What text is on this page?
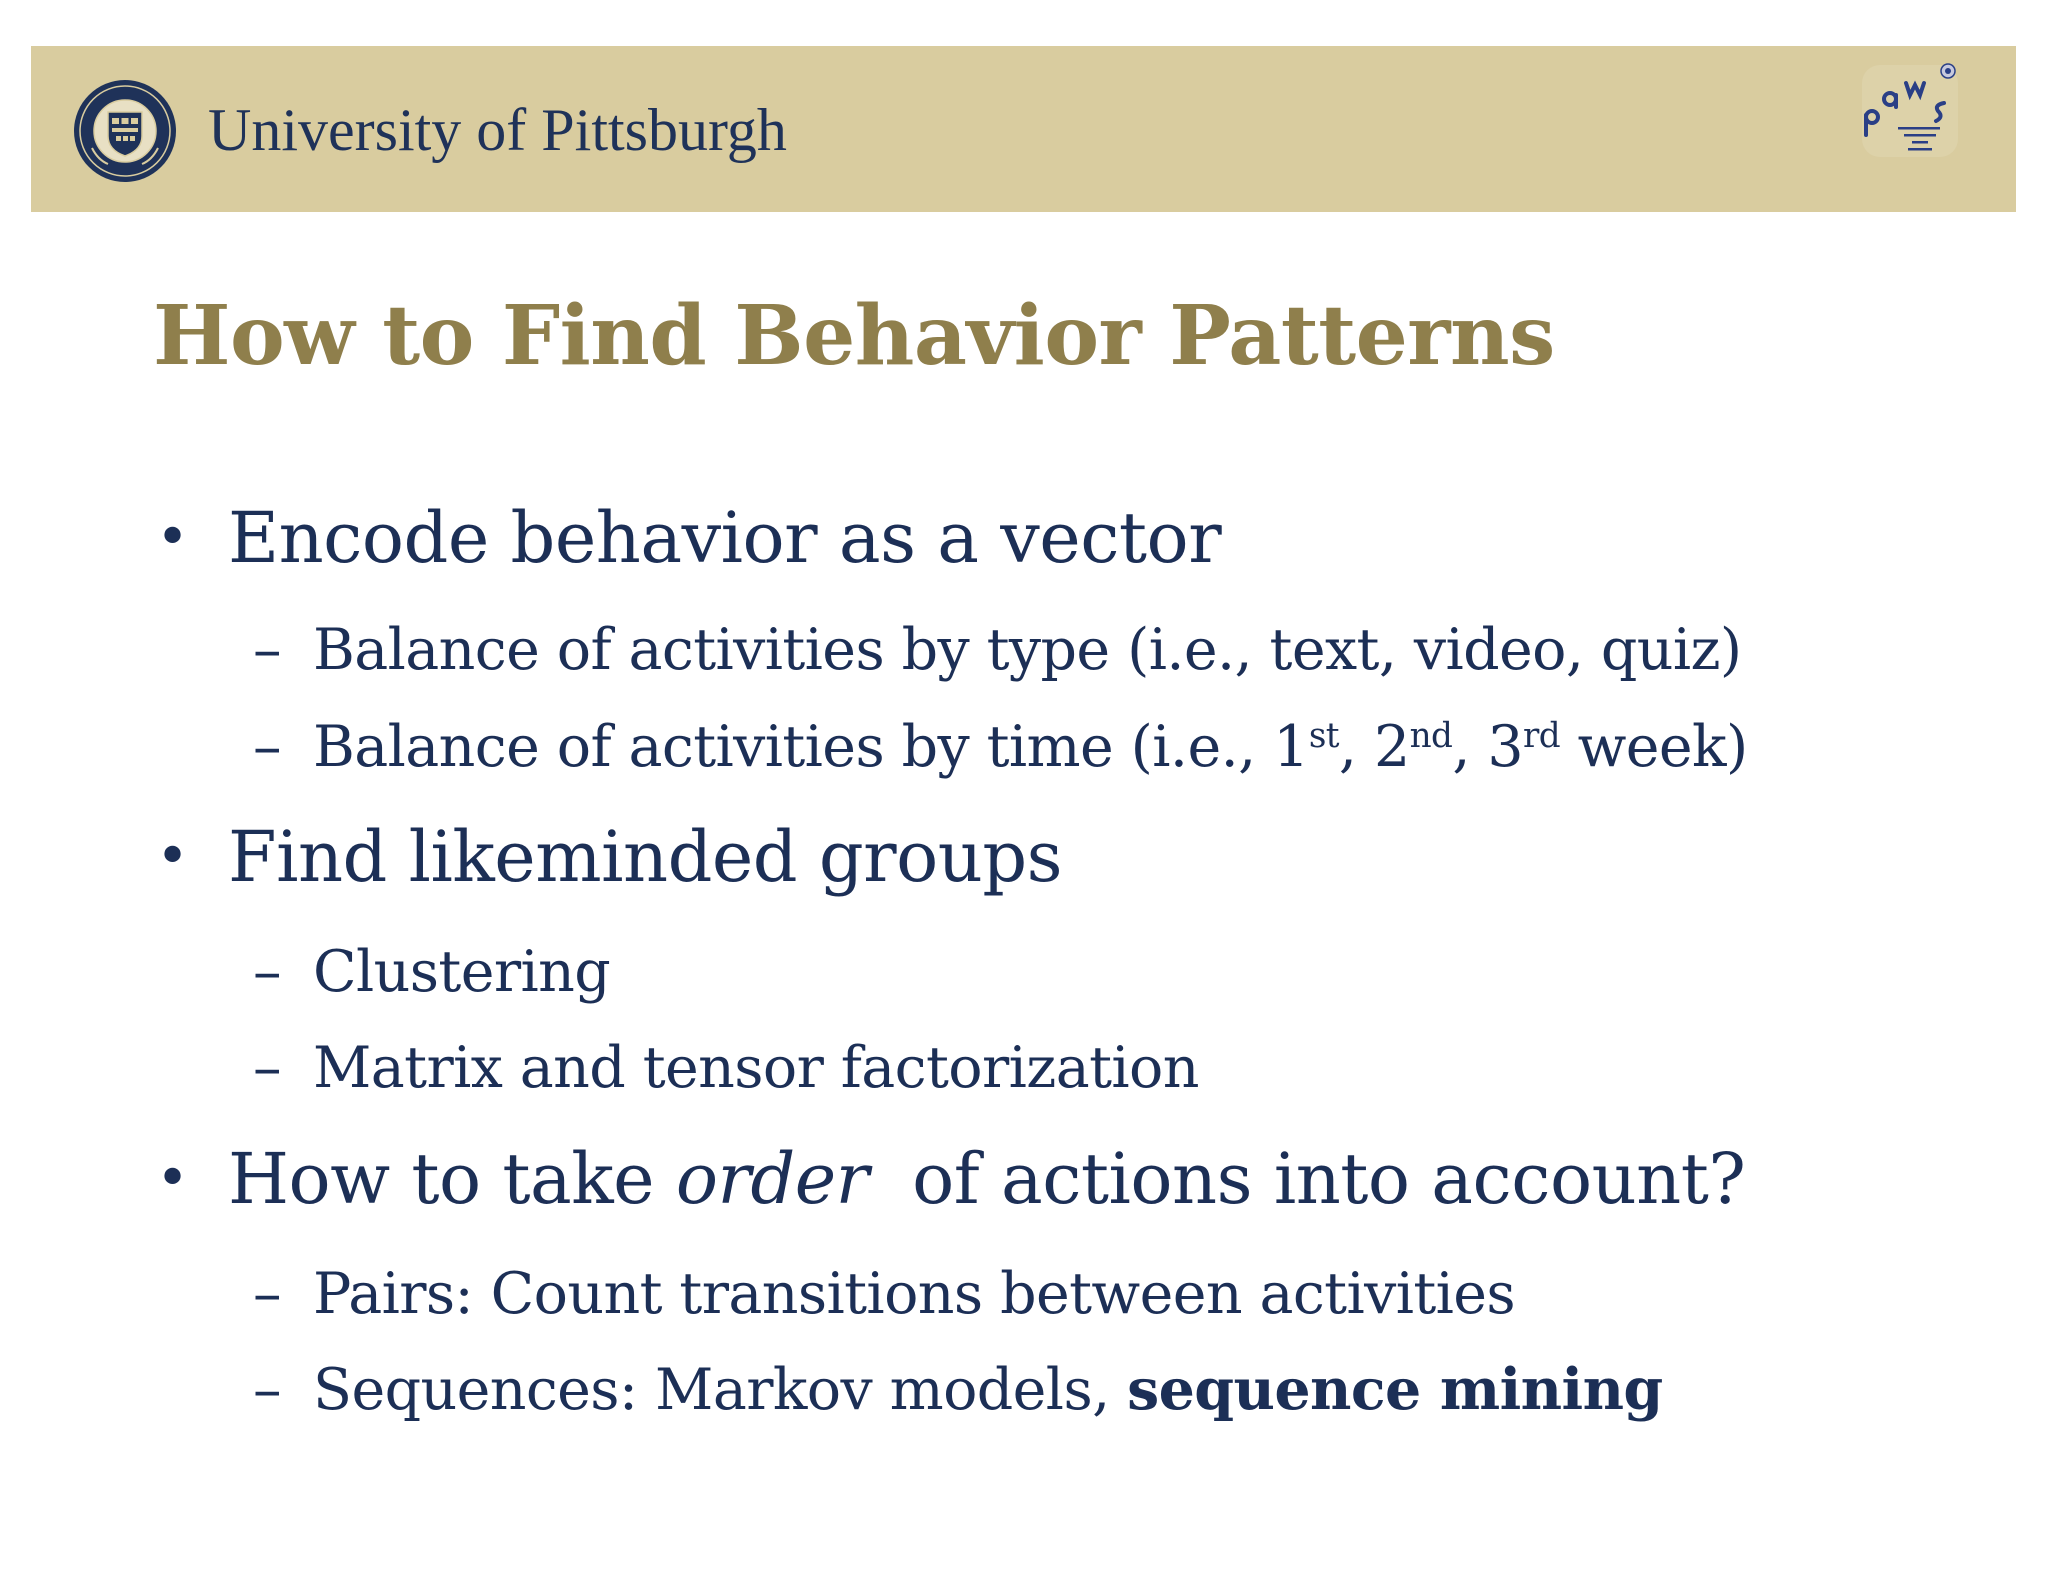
University of Pittsburgh
How to Find Behavior Patterns
• Encode behavior as a vector
– Balance of activities by type (i.e., text, video, quiz)
– Balance of activities by time (i.e., 1st, 2nd, 3rd week)
• Find likeminded groups
– Clustering
– Matrix and tensor factorization
• How to take order  of actions into account?
– Pairs: Count transitions between activities
– Sequences: Markov models, sequence mining
